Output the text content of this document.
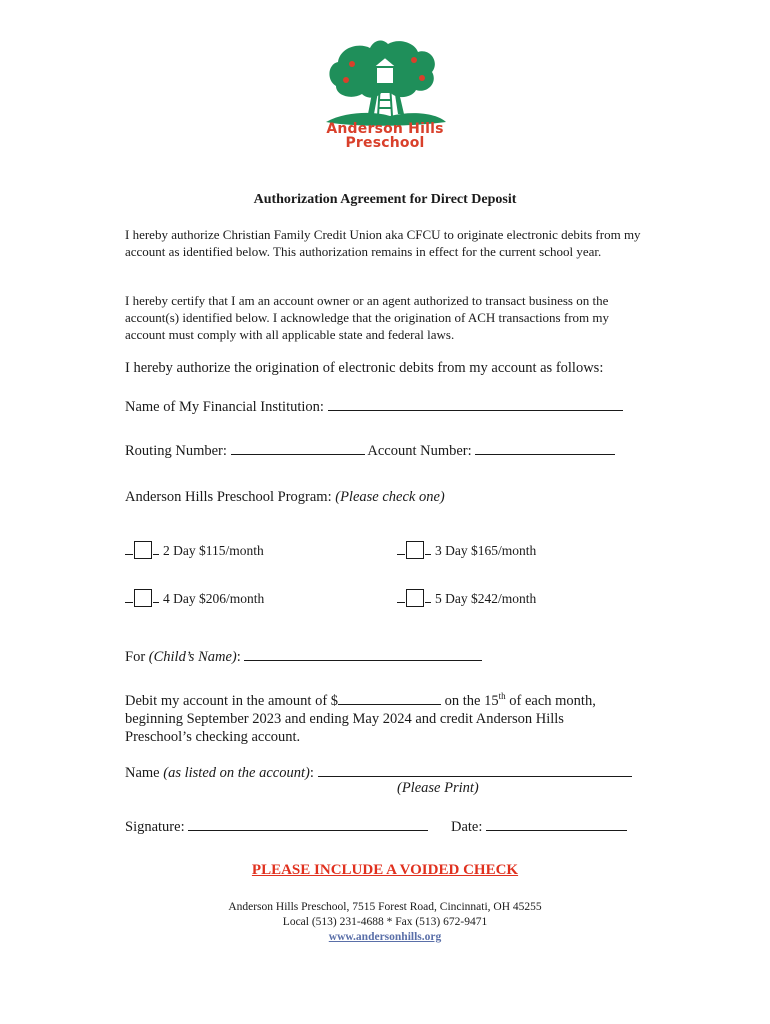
Anderson Hills
Preschool
Authorization Agreement for Direct Deposit
I hereby authorize Christian Family Credit Union aka CFCU to originate electronic debits from my account as identified below. This authorization remains in effect for the current school year.
I hereby certify that I am an account owner or an agent authorized to transact business on the account(s) identified below. I acknowledge that the origination of ACH transactions from my account must comply with all applicable state and federal laws.
I hereby authorize the origination of electronic debits from my account as follows:
Name of My Financial Institution:
Routing Number:	Account Number:
Anderson Hills Preschool Program: (Please check one)
2 Day $115/month	3 Day $165/month
4 Day $206/month	5 Day $242/month
For (Child’s Name):
Debit my account in the amount of $	on the 15th of each month,
beginning September 2023 and ending May 2024 and credit Anderson Hills
Preschool’s checking account.
Name (as listed on the account):
(Please Print)
Signature:	Date:
PLEASE INCLUDE A VOIDED CHECK
Anderson Hills Preschool, 7515 Forest Road, Cincinnati, OH 45255
Local (513) 231-4688 * Fax (513) 672-9471
www.andersonhills.org
